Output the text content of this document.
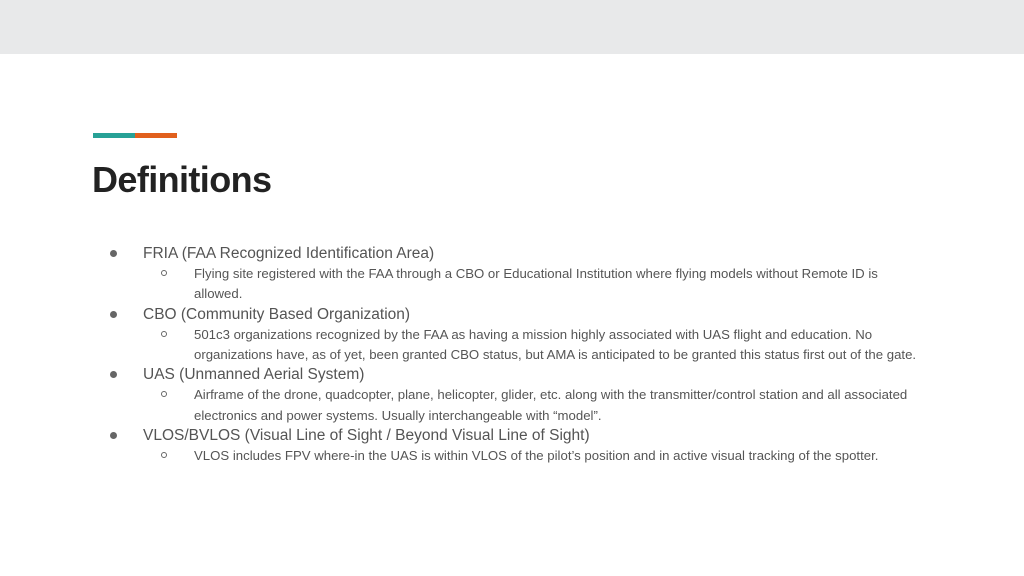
Definitions
FRIA (FAA Recognized Identification Area)
Flying site registered with the FAA through a CBO or Educational Institution where flying models without Remote ID is allowed.
CBO (Community Based Organization)
501c3 organizations recognized by the FAA as having a mission highly associated with UAS flight and education. No organizations have, as of yet, been granted CBO status, but AMA is anticipated to be granted this status first out of the gate.
UAS (Unmanned Aerial System)
Airframe of the drone, quadcopter, plane, helicopter, glider, etc. along with the transmitter/control station and all associated electronics and power systems. Usually interchangeable with “model”.
VLOS/BVLOS (Visual Line of Sight / Beyond Visual Line of Sight)
VLOS includes FPV where-in the UAS is within VLOS of the pilot’s position and in active visual tracking of the spotter.
